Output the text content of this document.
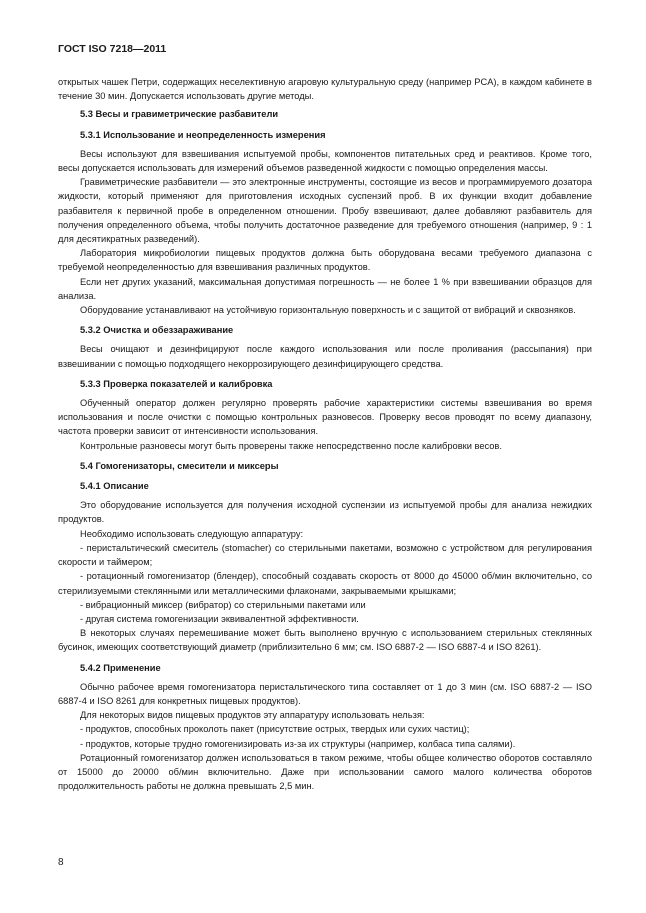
ГОСТ ISO 7218—2011

открытых чашек Петри, содержащих неселективную агаровую культуральную среду (например PCA), в каждом кабинете в течение 30 мин. Допускается использовать другие методы.

5.3 Весы и гравиметрические разбавители
5.3.1 Использование и неопределенность измерения

Весы используют для взвешивания испытуемой пробы, компонентов питательных сред и реактивов. Кроме того, весы допускается использовать для измерений объемов разведенной жидкости с помощью определения массы.

Гравиметрические разбавители — это электронные инструменты, состоящие из весов и программируемого дозатора жидкости, который применяют для приготовления исходных суспензий проб. В их функции входит добавление разбавителя к первичной пробе в определенном отношении. Пробу взвешивают, далее добавляют разбавитель для получения определенного объема, чтобы получить достаточное разведение для требуемого отношения (например, 9 : 1 для десятикратных разведений).

Лаборатория микробиологии пищевых продуктов должна быть оборудована весами требуемого диапазона с требуемой неопределенностью для взвешивания различных продуктов.

Если нет других указаний, максимальная допустимая погрешность — не более 1 % при взвешивании образцов для анализа.

Оборудование устанавливают на устойчивую горизонтальную поверхность и с защитой от вибраций и сквозняков.

5.3.2 Очистка и обеззараживание

Весы очищают и дезинфицируют после каждого использования или после проливания (рассыпания) при взвешивании с помощью подходящего некоррозирующего дезинфицирующего средства.

5.3.3 Проверка показателей и калибровка

Обученный оператор должен регулярно проверять рабочие характеристики системы взвешивания во время использования и после очистки с помощью контрольных разновесов. Проверку весов проводят по всему диапазону, частота проверки зависит от интенсивности использования.

Контрольные разновесы могут быть проверены также непосредственно после калибровки весов.

5.4 Гомогенизаторы, смесители и миксеры
5.4.1 Описание

Это оборудование используется для получения исходной суспензии из испытуемой пробы для анализа нежидких продуктов.

Необходимо использовать следующую аппаратуру:

- перистальтический смеситель (stomacher) со стерильными пакетами, возможно с устройством для регулирования скорости и таймером;

- ротационный гомогенизатор (блендер), способный создавать скорость от 8000 до 45000 об/мин включительно, со стерилизуемыми стеклянными или металлическими флаконами, закрываемыми крышками;

- вибрационный миксер (вибратор) со стерильными пакетами или

- другая система гомогенизации эквивалентной эффективности.

В некоторых случаях перемешивание может быть выполнено вручную с использованием стерильных стеклянных бусинок, имеющих соответствующий диаметр (приблизительно 6 мм; см. ISO 6887-2 — ISO 6887-4 и ISO 8261).

5.4.2 Применение

Обычно рабочее время гомогенизатора перистальтического типа составляет от 1 до 3 мин (см. ISO 6887-2 — ISO 6887-4 и ISO 8261 для конкретных пищевых продуктов).

Для некоторых видов пищевых продуктов эту аппаратуру использовать нельзя:

- продуктов, способных проколоть пакет (присутствие острых, твердых или сухих частиц);

- продуктов, которые трудно гомогенизировать из-за их структуры (например, колбаса типа салями).

Ротационный гомогенизатор должен использоваться в таком режиме, чтобы общее количество оборотов составляло от 15000 до 20000 об/мин включительно. Даже при использовании самого малого количества оборотов продолжительность работы не должна превышать 2,5 мин.

8
